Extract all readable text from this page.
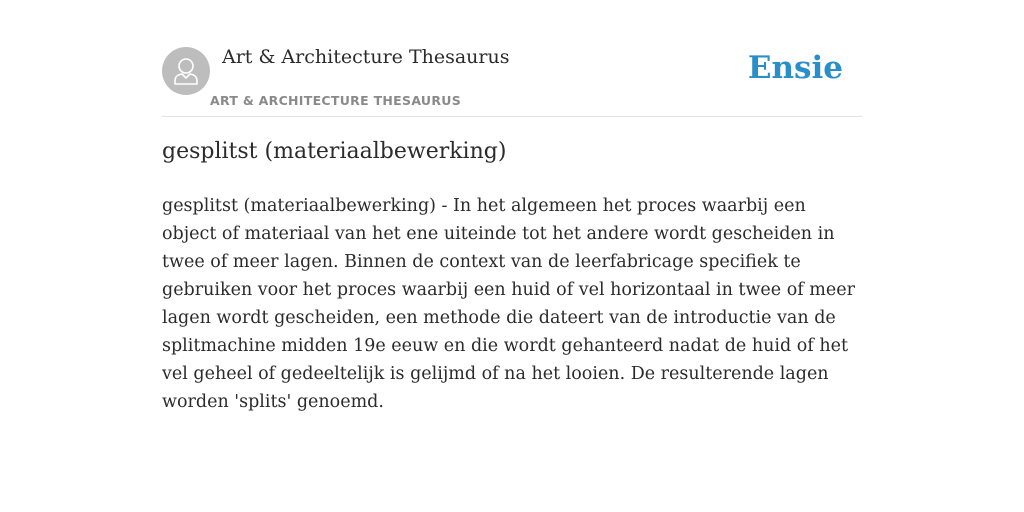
Art & Architecture Thesaurus
ART & ARCHITECTURE THESAURUS
Ensie
gesplitst (materiaalbewerking)

gesplitst (materiaalbewerking) - In het algemeen het proces waarbij een object of materiaal van het ene uiteinde tot het andere wordt gescheiden in twee of meer lagen. Binnen de context van de leerfabricage specifiek te gebruiken voor het proces waarbij een huid of vel horizontaal in twee of meer lagen wordt gescheiden, een methode die dateert van de introductie van de splitmachine midden 19e eeuw en die wordt gehanteerd nadat de huid of het vel geheel of gedeeltelijk is gelijmd of na het looien. De resulterende lagen worden 'splits' genoemd.
